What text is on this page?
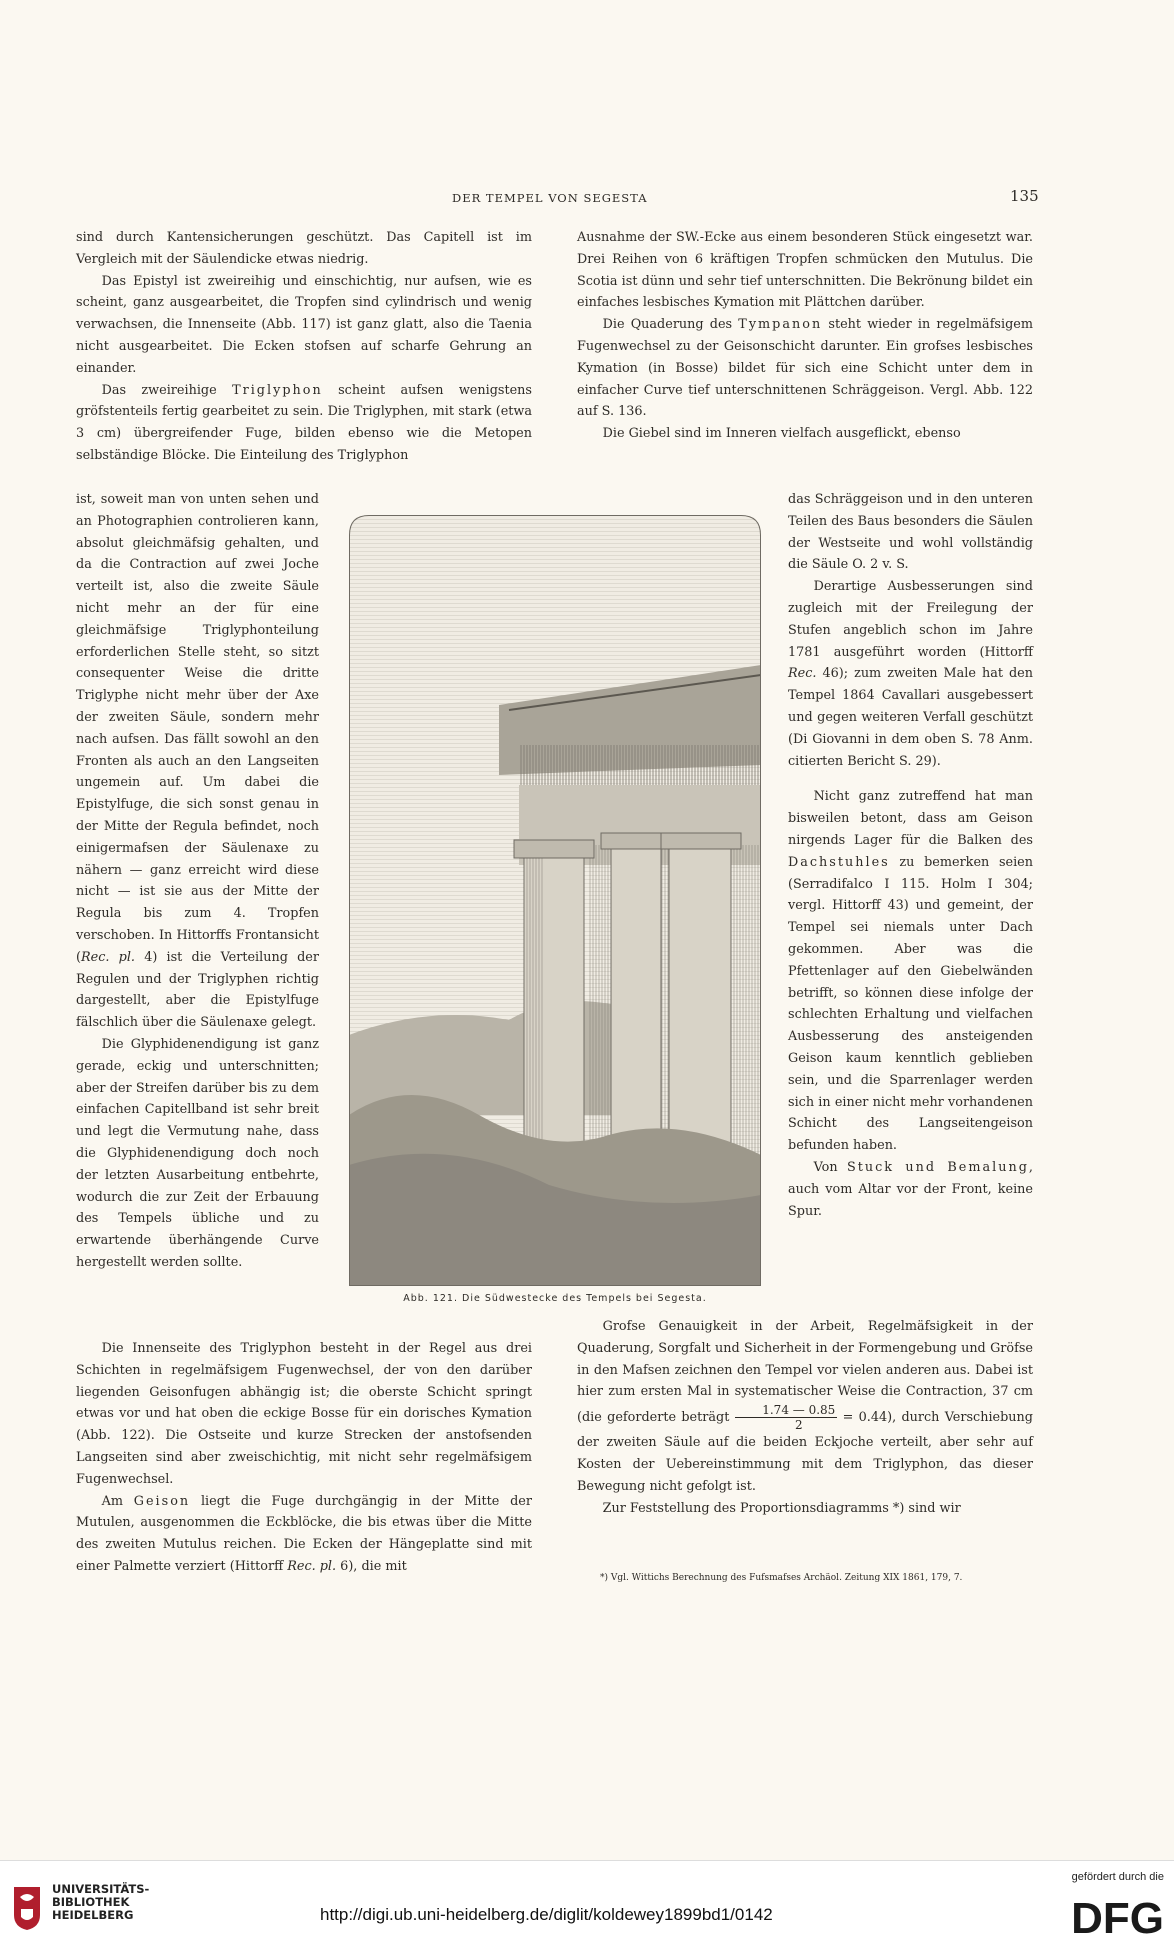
DER TEMPEL VON SEGESTA	135

sind durch Kantensicherungen geschützt. Das Capitell ist im Vergleich mit der Säulendicke etwas niedrig.

Das Epistyl ist zweireihig und einschichtig, nur aufsen, wie es scheint, ganz ausgearbeitet, die Tropfen sind cylindrisch und wenig verwachsen, die Innenseite (Abb. 117) ist ganz glatt, also die Taenia nicht ausgearbeitet. Die Ecken stofsen auf scharfe Gehrung an einander.

Das zweireihige Triglyphon scheint aufsen wenigstens gröfstenteils fertig gearbeitet zu sein. Die Triglyphen, mit stark (etwa 3 cm) übergreifender Fuge, bilden ebenso wie die Metopen selbständige Blöcke. Die Einteilung des Triglyphon

ist, soweit man von unten sehen und an Photographien controlieren kann, absolut gleichmäfsig gehalten, und da die Contraction auf zwei Joche verteilt ist, also die zweite Säule nicht mehr an der für eine gleichmäfsige Triglyphonteilung erforderlichen Stelle steht, so sitzt consequenter Weise die dritte Triglyphe nicht mehr über der Axe der zweiten Säule, sondern mehr nach aufsen. Das fällt sowohl an den Fronten als auch an den Langseiten ungemein auf. Um dabei die Epistylfuge, die sich sonst genau in der Mitte der Regula befindet, noch einigermafsen der Säulenaxe zu nähern — ganz erreicht wird diese nicht — ist sie aus der Mitte der Regula bis zum 4. Tropfen verschoben. In Hittorffs Frontansicht (Rec. pl. 4) ist die Verteilung der Regulen und der Triglyphen richtig dargestellt, aber die Epistylfuge fälschlich über die Säulenaxe gelegt.

Die Glyphidenendigung ist ganz gerade, eckig und unterschnitten; aber der Streifen darüber bis zu dem einfachen Capitellband ist sehr breit und legt die Vermutung nahe, dass die Glyphidenendigung doch noch der letzten Ausarbeitung entbehrte, wodurch die zur Zeit der Erbauung des Tempels übliche und zu erwartende überhängende Curve hergestellt werden sollte.

Die Innenseite des Triglyphon besteht in der Regel aus drei Schichten in regelmäfsigem Fugenwechsel, der von den darüber liegenden Geisonfugen abhängig ist; die oberste Schicht springt etwas vor und hat oben die eckige Bosse für ein dorisches Kymation (Abb. 122). Die Ostseite und kurze Strecken der anstofsenden Langseiten sind aber zweischichtig, mit nicht sehr regelmäfsigem Fugenwechsel.

Am Geison liegt die Fuge durchgängig in der Mitte der Mutulen, ausgenommen die Eckblöcke, die bis etwas über die Mitte des zweiten Mutulus reichen. Die Ecken der Hängeplatte sind mit einer Palmette verziert (Hittorff Rec. pl. 6), die mit

Ausnahme der SW.-Ecke aus einem besonderen Stück eingesetzt war. Drei Reihen von 6 kräftigen Tropfen schmücken den Mutulus. Die Scotia ist dünn und sehr tief unterschnitten. Die Bekrönung bildet ein einfaches lesbisches Kymation mit Plättchen darüber.

Die Quaderung des Tympanon steht wieder in regelmäfsigem Fugenwechsel zu der Geisonschicht darunter. Ein grofses lesbisches Kymation (in Bosse) bildet für sich eine Schicht unter dem in einfacher Curve tief unterschnittenen Schräggeison. Vergl. Abb. 122 auf S. 136.

Die Giebel sind im Inneren vielfach ausgeflickt, ebenso

das Schräggeison und in den unteren Teilen des Baus besonders die Säulen der Westseite und wohl vollständig die Säule O. 2 v. S.

Derartige Ausbesserungen sind zugleich mit der Freilegung der Stufen angeblich schon im Jahre 1781 ausgeführt worden (Hittorff Rec. 46); zum zweiten Male hat den Tempel 1864 Cavallari ausgebessert und gegen weiteren Verfall geschützt (Di Giovanni in dem oben S. 78 Anm. citierten Bericht S. 29).

Nicht ganz zutreffend hat man bisweilen betont, dass am Geison nirgends Lager für die Balken des Dachstuhles zu bemerken seien (Serradifalco I 115. Holm I 304; vergl. Hittorff 43) und gemeint, der Tempel sei niemals unter Dach gekommen. Aber was die Pfettenlager auf den Giebelwänden betrifft, so können diese infolge der schlechten Erhaltung und vielfachen Ausbesserung des ansteigenden Geison kaum kenntlich geblieben sein, und die Sparrenlager werden sich in einer nicht mehr vorhandenen Schicht des Langseitengeison befunden haben.

Von Stuck und Bemalung, auch vom Altar vor der Front, keine Spur.

Grofse Genauigkeit in der Arbeit, Regelmäfsigkeit in der Quaderung, Sorgfalt und Sicherheit in der Formengebung und Gröfse in den Mafsen zeichnen den Tempel vor vielen anderen aus. Dabei ist hier zum ersten Mal in systematischer Weise die Contraction, 37 cm (die geforderte beträgt $\frac{1.74 — 0.85}{2} = 0.44$), durch Verschiebung der zweiten Säule auf die beiden Eckjoche verteilt, aber sehr auf Kosten der Uebereinstimmung mit dem Triglyphon, das dieser Bewegung nicht gefolgt ist.

Zur Feststellung des Proportionsdiagramms *) sind wir

*) Vgl. Wittichs Berechnung des Fufsmafses Archäol. Zeitung XIX 1861, 179, 7.
Abb. 121. Die Südwestecke des Tempels bei Segesta.
UNIVERSITÄTS-
BIBLIOTHEK
HEIDELBERG	http://digi.ub.uni-heidelberg.de/diglit/koldewey1899bd1/0142
gefördert durch die
DFG
